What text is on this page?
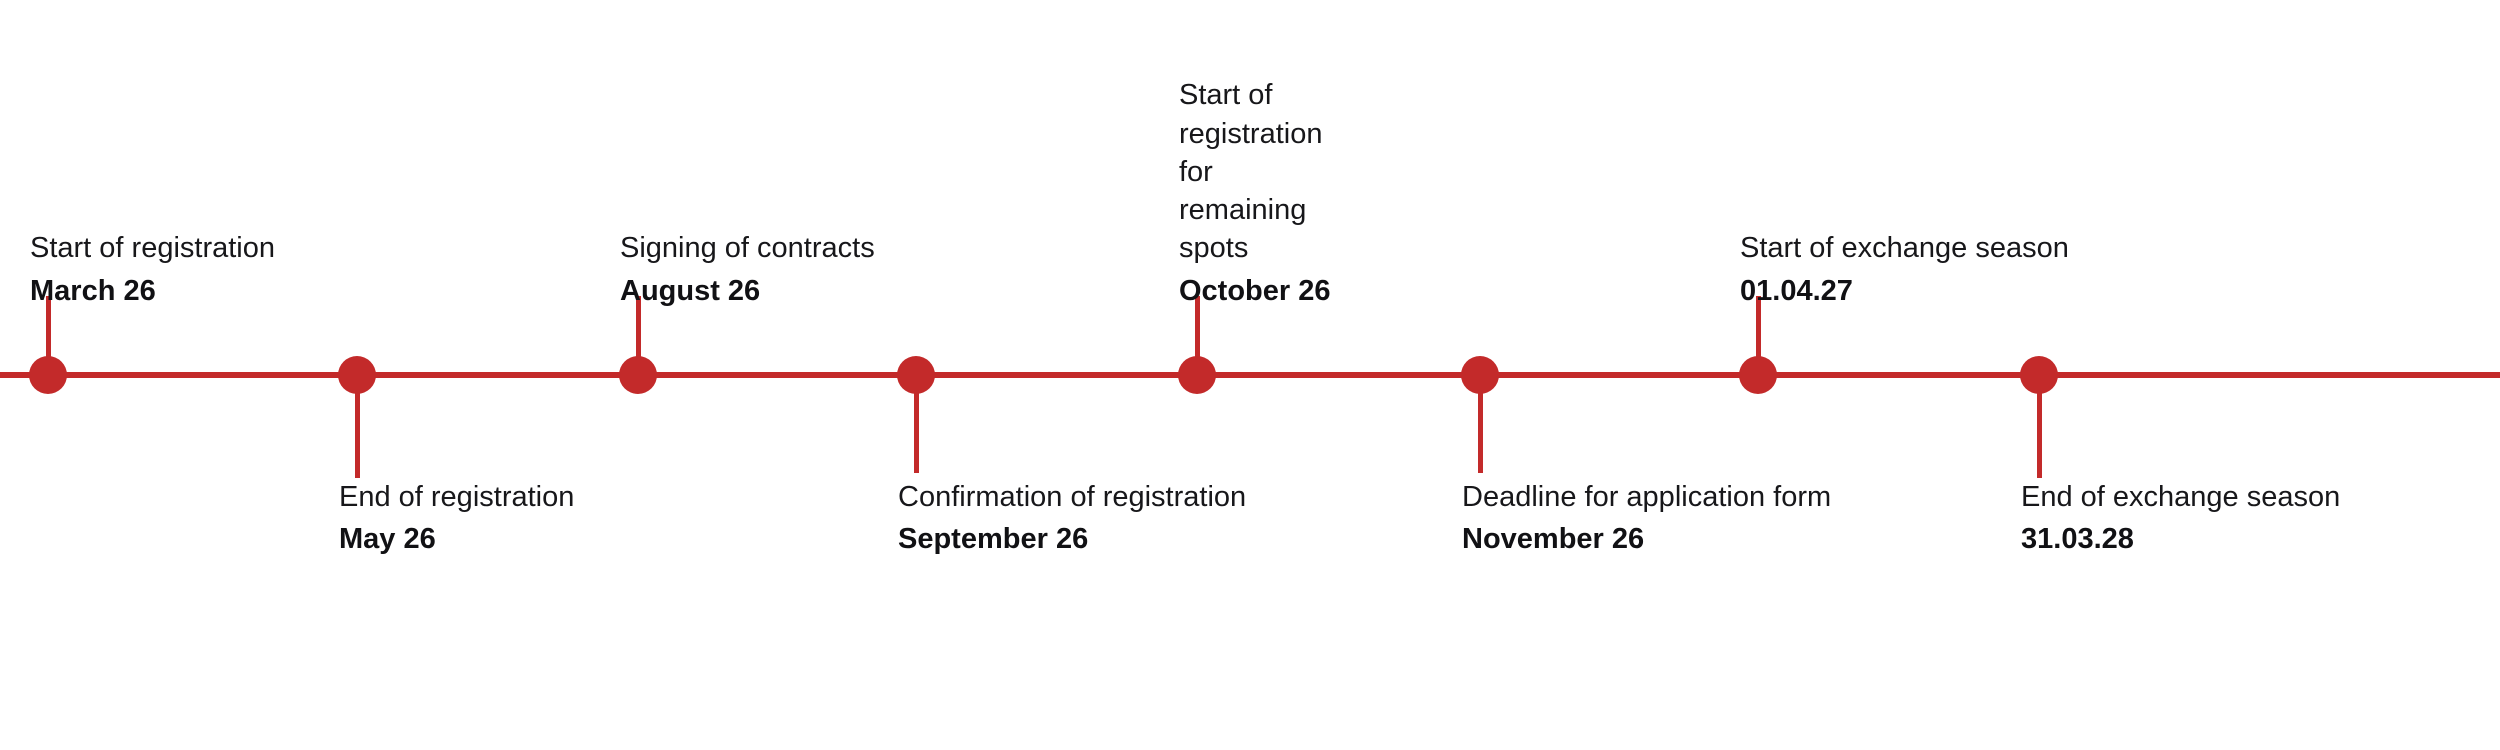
Start of registration
March 26
End of registration
May 26
Signing of contracts
August 26
Confirmation of registration
September 26
Start of registration for remaining spots
October 26
Deadline for application form
November 26
Start of exchange season
01.04.27
End of exchange season
31.03.28
